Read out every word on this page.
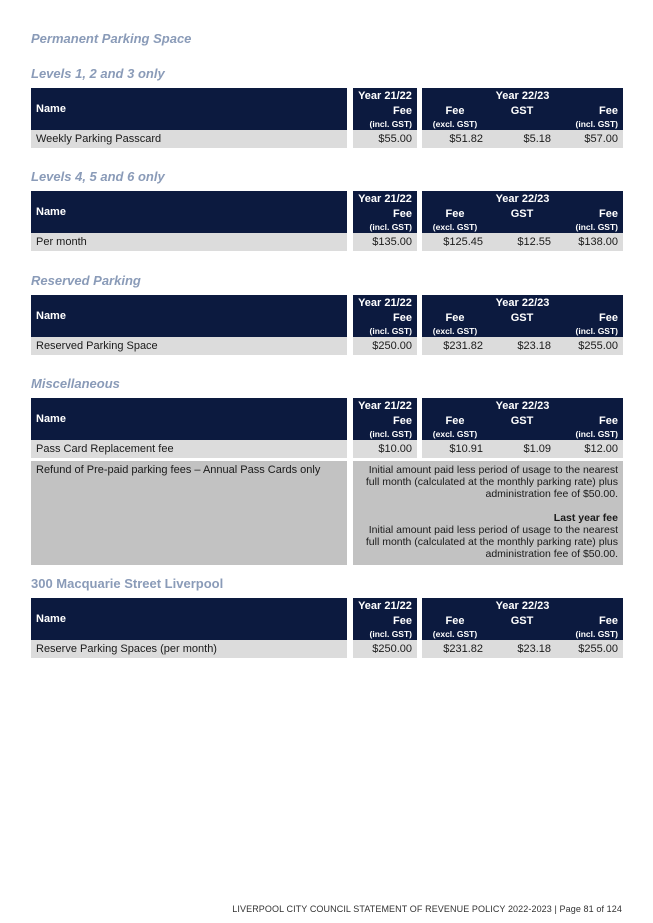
Permanent Parking Space
Levels 1, 2 and 3 only
Name		Year 21/22		Year 22/23		
		Fee		Fee	GST	Fee
		(incl. GST)		(excl. GST)		(incl. GST)
Weekly Parking Passcard		$55.00		$51.82	$5.18	$57.00
Levels 4, 5 and 6 only
Name		Year 21/22		Year 22/23		
		Fee		Fee	GST	Fee
		(incl. GST)		(excl. GST)		(incl. GST)
Per month		$135.00		$125.45	$12.55	$138.00
Reserved Parking
Name		Year 21/22		Year 22/23		
		Fee		Fee	GST	Fee
		(incl. GST)		(excl. GST)		(incl. GST)
Reserved Parking Space		$250.00		$231.82	$23.18	$255.00
Miscellaneous
Name		Year 21/22		Year 22/23		
		Fee		Fee	GST	Fee
		(incl. GST)		(excl. GST)		(incl. GST)
Pass Card Replacement fee		$10.00		$10.91	$1.09	$12.00

Refund of Pre-paid parking fees – Annual Pass Cards only		Initial amount paid less period of usage to the nearest full month (calculated at the monthly parking rate) plus administration fee of $50.00.
Last year fee
Initial amount paid less period of usage to the nearest full month (calculated at the monthly parking rate) plus administration fee of $50.00.				
300 Macquarie Street Liverpool
Name		Year 21/22		Year 22/23		
		Fee		Fee	GST	Fee
		(incl. GST)		(excl. GST)		(incl. GST)
Reserve Parking Spaces (per month)		$250.00		$231.82	$23.18	$255.00
LIVERPOOL CITY COUNCIL STATEMENT OF REVENUE POLICY 2022-2023 | Page 81 of 124
